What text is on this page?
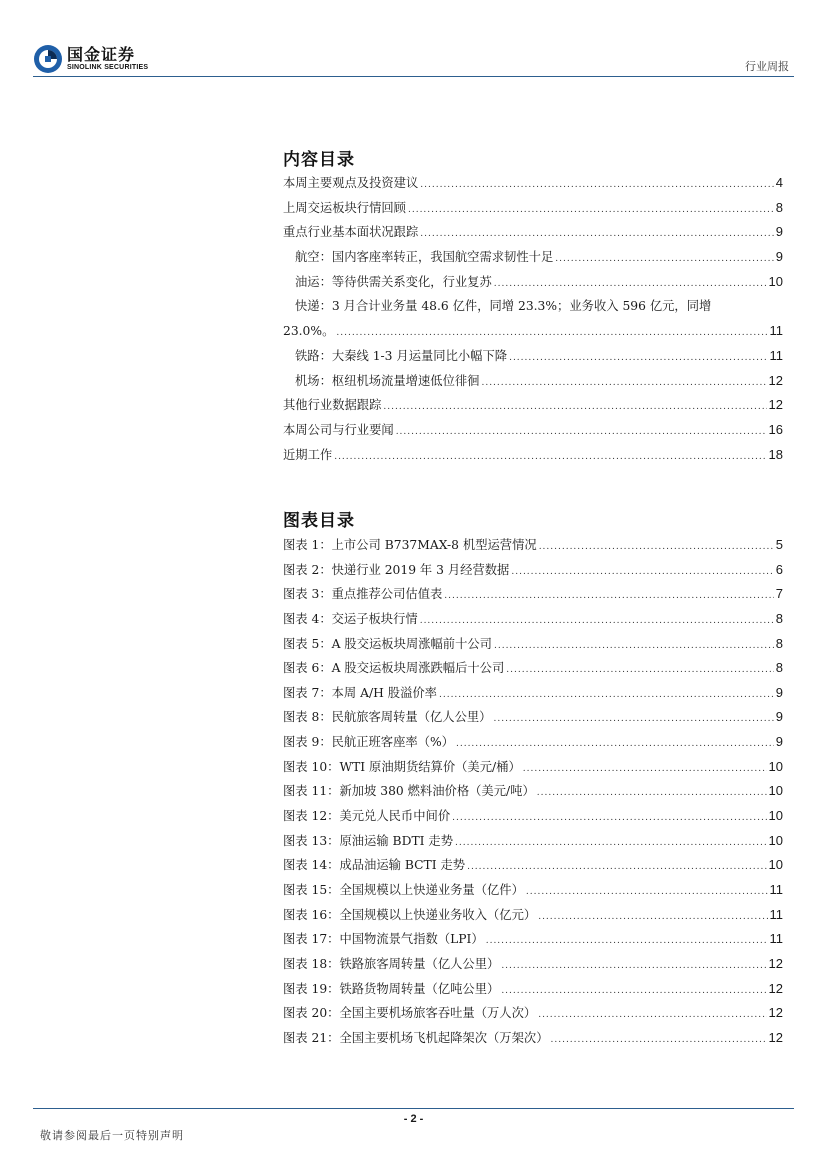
国金证券
SINOLINK SECURITIES	行业周报
内容目录
本周主要观点及投资建议 .....	4
上周交运板块行情回顾 .....	8
重点行业基本面状况跟踪 .....	9
航空：国内客座率转正，我国航空需求韧性十足 .....	9
油运：等待供需关系变化，行业复苏 .....	10
快递：3 月合计业务量 48.6 亿件，同增 23.3%；业务收入 596 亿元，同增
23.0%。 .....	11
铁路：大秦线 1-3 月运量同比小幅下降 .....	11
机场：枢纽机场流量增速低位徘徊 .....	12
其他行业数据跟踪 .....	12
本周公司与行业要闻 .....	16
近期工作 .....	18
图表目录
图表 1：上市公司 B737MAX-8 机型运营情况 .....	5
图表 2：快递行业 2019 年 3 月经营数据 .....	6
图表 3：重点推荐公司估值表 .....	7
图表 4：交运子板块行情 .....	8
图表 5：A 股交运板块周涨幅前十公司 .....	8
图表 6：A 股交运板块周涨跌幅后十公司 .....	8
图表 7：本周 A/H 股溢价率 .....	9
图表 8：民航旅客周转量（亿人公里） .....	9
图表 9：民航正班客座率（%） .....	9
图表 10：WTI 原油期货结算价（美元/桶） .....	10
图表 11：新加坡 380 燃料油价格（美元/吨） .....	10
图表 12：美元兑人民币中间价 .....	10
图表 13：原油运输 BDTI 走势 .....	10
图表 14：成品油运输 BCTI 走势 .....	10
图表 15：全国规模以上快递业务量（亿件） .....	11
图表 16：全国规模以上快递业务收入（亿元） .....	11
图表 17：中国物流景气指数（LPI） .....	11
图表 18：铁路旅客周转量（亿人公里） .....	12
图表 19：铁路货物周转量（亿吨公里） .....	12
图表 20：全国主要机场旅客吞吐量（万人次） .....	12
图表 21：全国主要机场飞机起降架次（万架次） .....	12
- 2 -
敬请参阅最后一页特别声明
